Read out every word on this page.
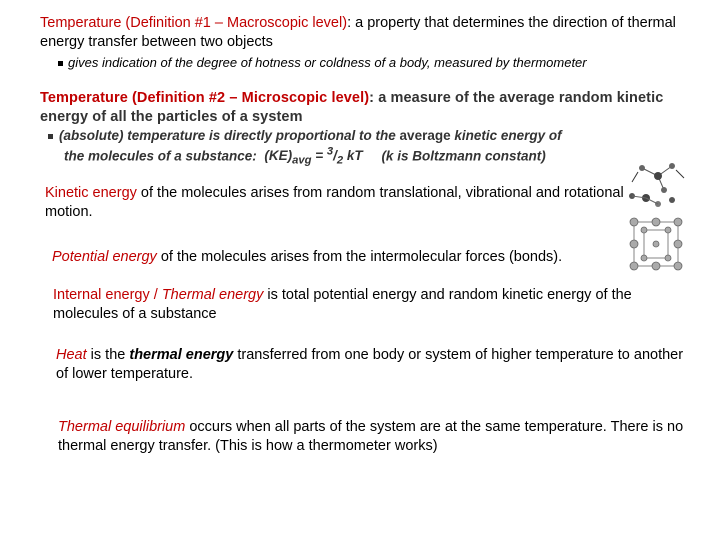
Temperature (Definition #1 – Macroscopic level): a property that determines the direction of thermal energy transfer between two objects
gives indication of the degree of hotness or coldness of a body, measured by thermometer
Temperature (Definition #2 – Microscopic level): a measure of the average random kinetic energy of all the particles of a system
(absolute) temperature is directly proportional to the average kinetic energy of
the molecules of a substance: $(KE)_{avg} = ^3/_2$ kT (k is Boltzmann constant)
Kinetic energy of the molecules arises from random translational, vibrational and rotational motion.
Potential energy of the molecules arises from the intermolecular forces (bonds).
Internal energy / Thermal energy is total potential energy and random kinetic energy of the molecules of a substance
Heat is the thermal energy transferred from one body or system of higher temperature to another of lower temperature.
Thermal equilibrium occurs when all parts of the system are at the same temperature. There is no thermal energy transfer. (This is how a thermometer works)
